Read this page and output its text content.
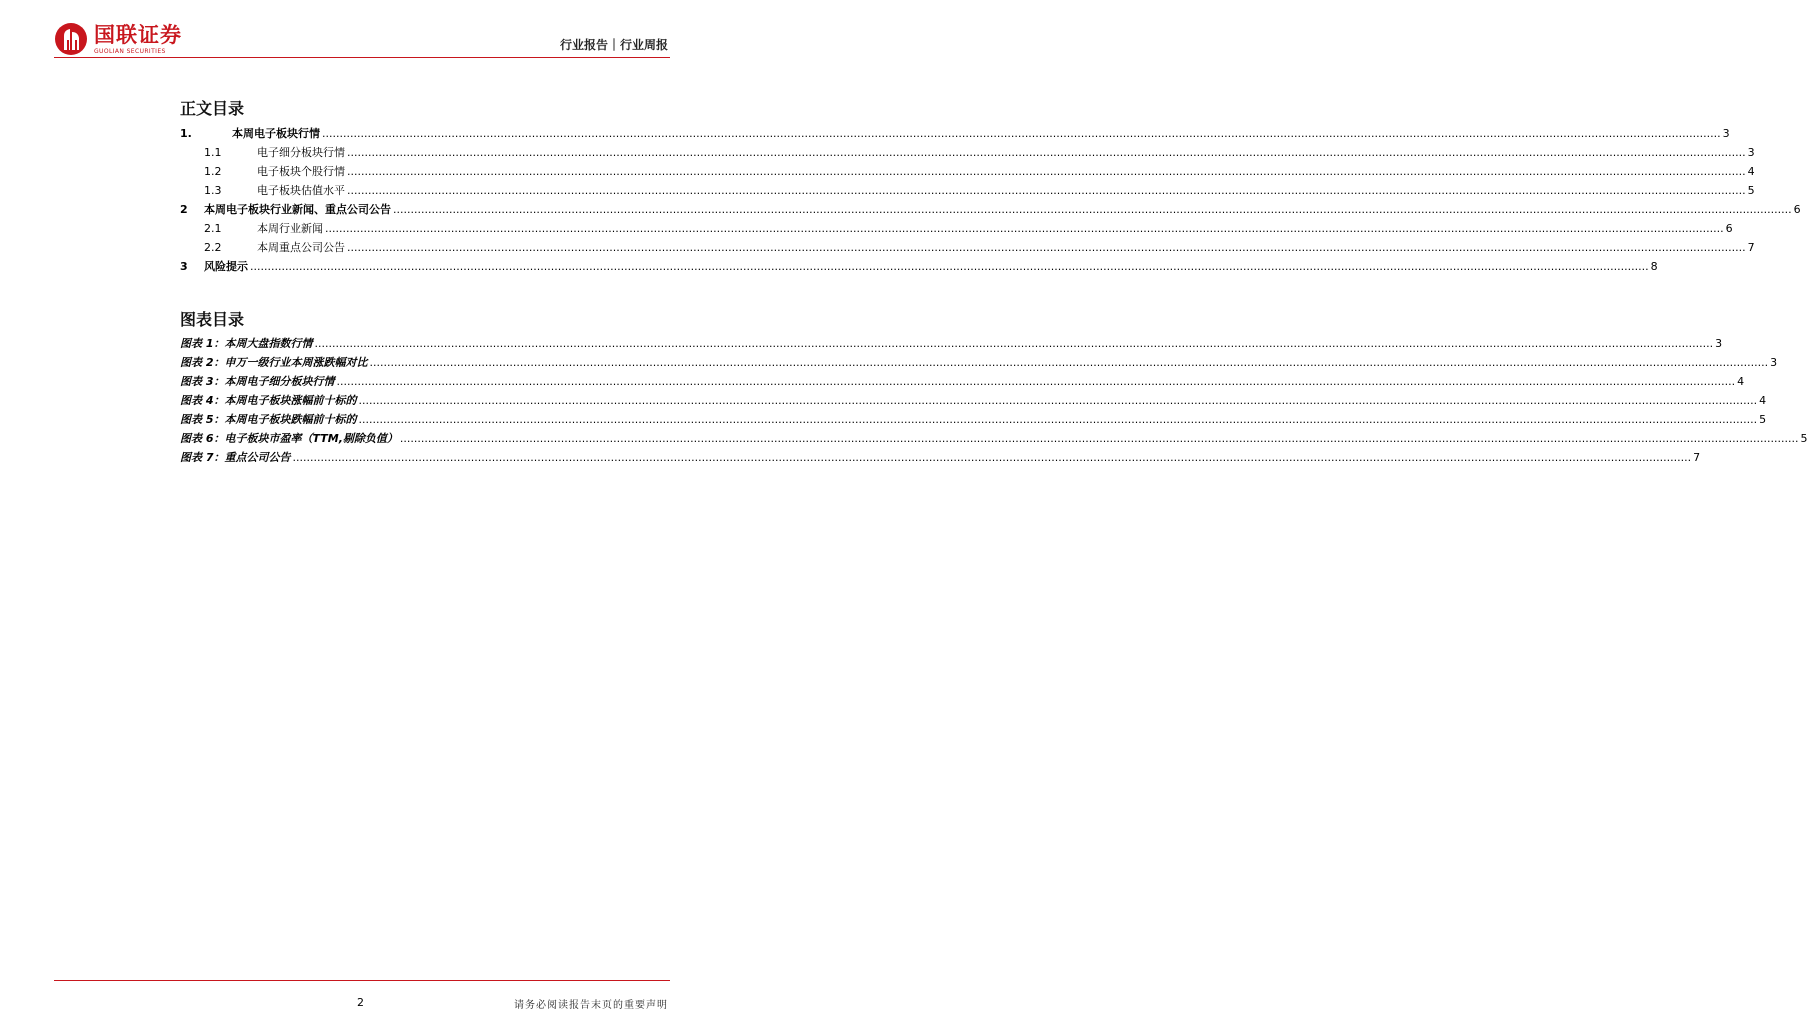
国联证券
GUOLIAN SECURITIES	行业报告｜行业周报
正文目录
1.	本周电子板块行情 ................................................................................................................................................................................................................................................................................................................................................................................................................ 3
1.1	电子细分板块行情 ................................................................................................................................................................................................................................................................................................................................................................................................................ 3
1.2	电子板块个股行情 ................................................................................................................................................................................................................................................................................................................................................................................................................ 4
1.3	电子板块估值水平 ................................................................................................................................................................................................................................................................................................................................................................................................................ 5
2	本周电子板块行业新闻、重点公司公告 ................................................................................................................................................................................................................................................................................................................................................................................................................ 6
2.1	本周行业新闻 ................................................................................................................................................................................................................................................................................................................................................................................................................ 6
2.2	本周重点公司公告 ................................................................................................................................................................................................................................................................................................................................................................................................................ 7
3	风险提示 ................................................................................................................................................................................................................................................................................................................................................................................................................ 8
图表目录
图表 1：本周大盘指数行情 ................................................................................................................................................................................................................................................................................................................................................................................................................ 3
图表 2：申万一级行业本周涨跌幅对比 ................................................................................................................................................................................................................................................................................................................................................................................................................ 3
图表 3：本周电子细分板块行情 ................................................................................................................................................................................................................................................................................................................................................................................................................ 4
图表 4：本周电子板块涨幅前十标的 ................................................................................................................................................................................................................................................................................................................................................................................................................ 4
图表 5：本周电子板块跌幅前十标的 ................................................................................................................................................................................................................................................................................................................................................................................................................ 5
图表 6：电子板块市盈率（TTM,剔除负值） ................................................................................................................................................................................................................................................................................................................................................................................................................ 5
图表 7：重点公司公告 ................................................................................................................................................................................................................................................................................................................................................................................................................ 7
2	请务必阅读报告末页的重要声明
